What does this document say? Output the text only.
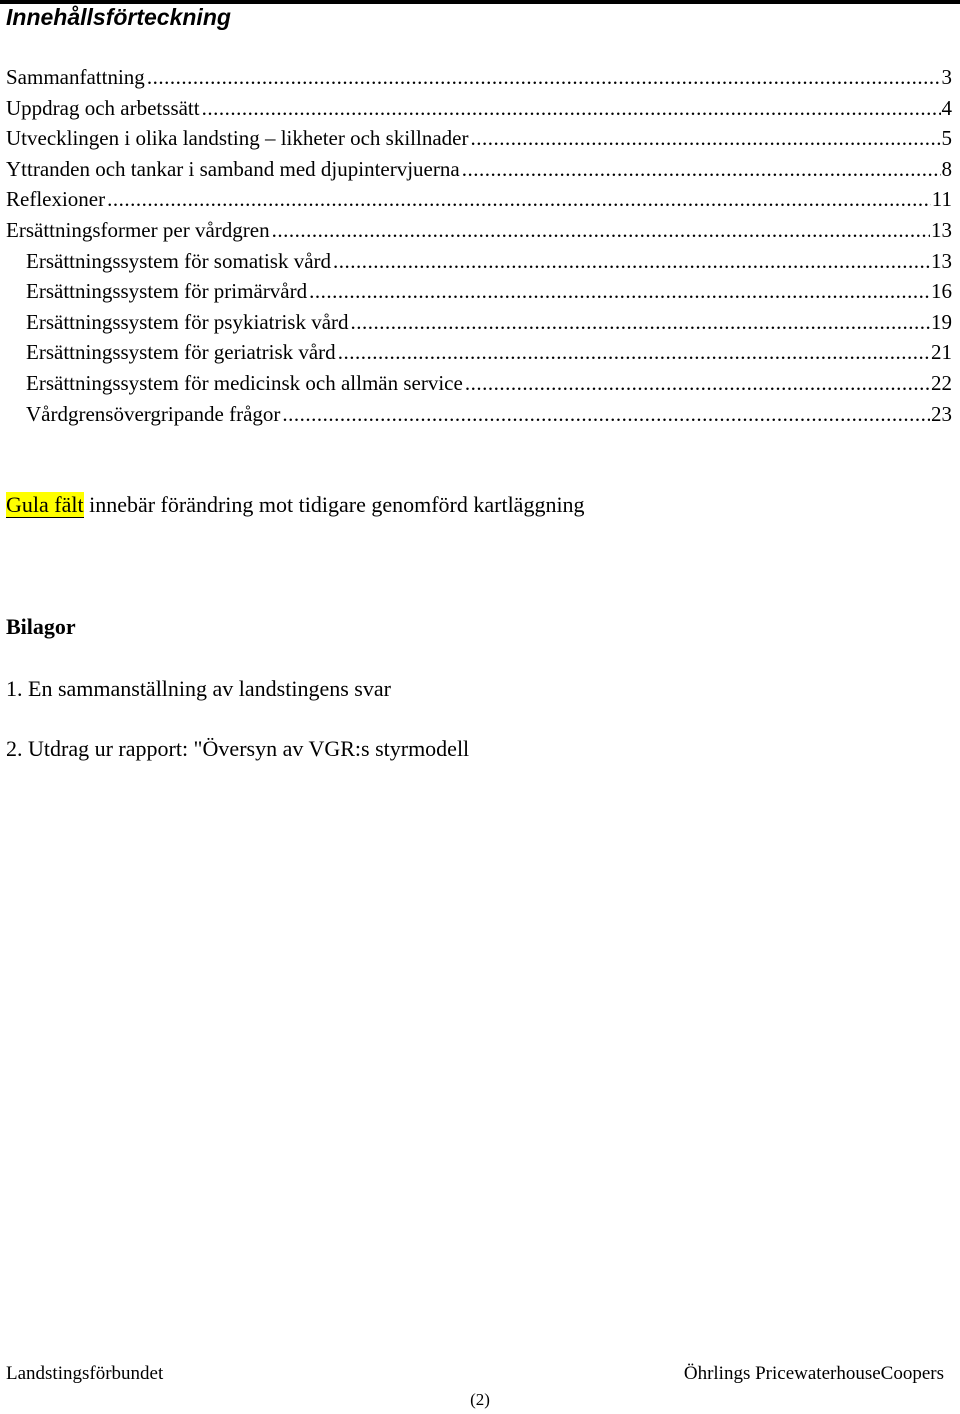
Innehållsförteckning
Sammanfattning .....	3
Uppdrag och arbetssätt .....	4
Utvecklingen i olika landsting – likheter och skillnader .....	5
Yttranden och tankar i samband med djupintervjuerna .....	8
Reflexioner .....	11
Ersättningsformer per vårdgren .....	13
Ersättningssystem för somatisk vård .....	13
Ersättningssystem för primärvård .....	16
Ersättningssystem för psykiatrisk vård .....	19
Ersättningssystem för geriatrisk vård .....	21
Ersättningssystem för medicinsk och allmän service .....	22
Vårdgrensövergripande frågor .....	23
Gula fält innebär förändring mot tidigare genomförd kartläggning
Bilagor
1. En sammanställning av landstingens svar
2. Utdrag ur rapport: "Översyn av VGR:s styrmodell
Landstingsförbundet	Öhrlings PricewaterhouseCoopers
(2)
